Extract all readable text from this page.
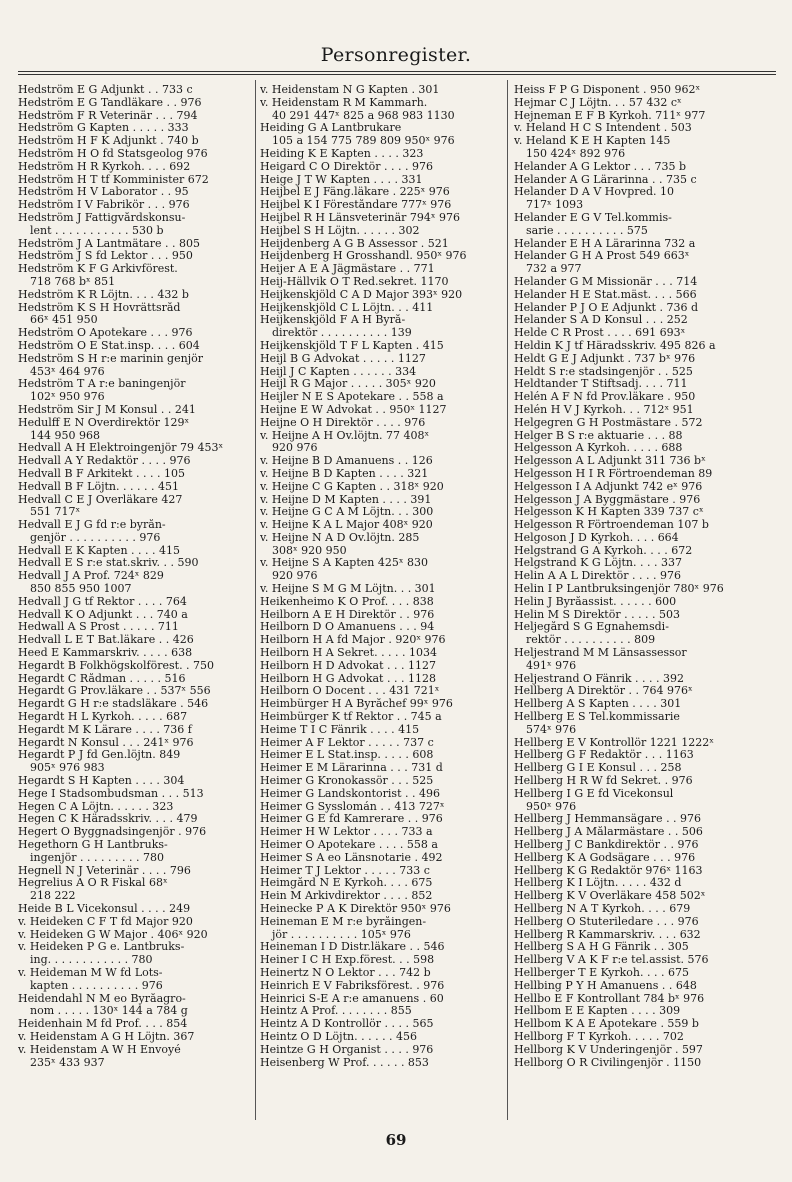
Personregister.
Hedström E G Adjunkt . . 733 c
Hedström E G Tandläkare . . 976
Hedström F R Veterinär . . . 794
Hedström G Kapten . . . . . 333
Hedström H F K Adjunkt . 740 b
Hedström H O fd Statsgeolog 976
Hedström H R Kyrkoh. . . . 692
Hedström H T tf Komminister 672
Hedström H V Laborator . . 95
Hedström I V Fabrikör . . . 976
Hedström J Fattigvårdskonsu-
lent . . . . . . . . . . . 530 b
Hedström J A Lantmätare . . 805
Hedström J S fd Lektor . . . 950
Hedström K F G Arkivförest.
718 768 bˣ 851
Hedström K R Löjtn. . . . 432 b
Hedström K S H Hovrättsråd
66ˣ 451 950
Hedström O Apotekare . . . 976
Hedström O E Stat.insp. . . . 604
Hedström S H r:e marinin genjör
453ˣ 464 976
Hedström T A r:e baningenjör
102ˣ 950 976
Hedström Sir J M Konsul . . 241
Hedulff E N Överdirektör 129ˣ
144 950 968
Hedvall A H Elektroingenjör 79 453ˣ
Hedvall A Y Redaktör . . . . 976
Hedvall B F Arkitekt . . . . 105
Hedvall B F Löjtn. . . . . . 451
Hedvall C E J Överläkare 427
551 717ˣ
Hedvall E J G fd r:e byrån-
genjör . . . . . . . . . . 976
Hedvall E K Kapten . . . . 415
Hedvall E S r:e stat.skriv. . . 590
Hedvall J A Prof. 724ˣ 829
850 855 950 1007
Hedvall J G tf Rektor . . . . 764
Hedvall K O Adjunkt . . . 740 a
Hedwall A S Prost . . . . . 711
Hedvall L E T Bat.läkare . . 426
Heed E Kammarskriv. . . . . 638
Hegardt B Folkhögskolförest. . 750
Hegardt C Rådman . . . . . 516
Hegardt G Prov.läkare . . 537ˣ 556
Hegardt G H r:e stadsläkare . 546
Hegardt H L Kyrkoh. . . . . 687
Hegardt M K Lärare . . . . 736 f
Hegardt N Konsul . . . 241ˣ 976
Hegardt P J fd Gen.löjtn. 849
905ˣ 976 983
Hegardt S H Kapten . . . . 304
Hege I Stadsombudsman . . . 513
Hegen C A Löjtn. . . . . . 323
Hegen C K Häradsskriv. . . . 479
Hegert O Byggnadsingenjör . 976
Hegethorn G H Lantbruks-
ingenjör . . . . . . . . . 780
Hegnell N J Veterinär . . . . 796
Hegrelius A O R Fiskal 68ˣ
218 222
Heide B L Vicekonsul . . . . 249
v. Heideken C F T fd Major 920
v. Heideken G W Major . 406ˣ 920
v. Heideken P G e. Lantbruks-
ing. . . . . . . . . . . . 780
v. Heideman M W fd Lots-
kapten . . . . . . . . . . 976
Heidendahl N M eo Byråagro-
nom . . . . . 130ˣ 144 a 784 g
Heidenhain M fd Prof. . . . 854
v. Heidenstam A G H Löjtn. 367
v. Heidenstam A W H Envoyé
235ˣ 433 937
v. Heidenstam N G Kapten . 301
v. Heidenstam R M Kammarh.
40 291 447ˣ 825 a 968 983 1130
Heiding G A Lantbrukare
105 a 154 775 789 809 950ˣ 976
Heiding K E Kapten . . . . 323
Heigard C O Direktör . . . . 976
Heige J T W Kapten . . . . 331
Heijbel E J Fäng.läkare . 225ˣ 976
Heijbel K I Föreståndare 777ˣ 976
Heijbel R H Länsveterinär 794ˣ 976
Heijbel S H Löjtn. . . . . . 302
Heijdenberg A G B Assessor . 521
Heijdenberg H Grosshandl. 950ˣ 976
Heijer A E A Jägmästare . . 771
Heij-Hällvik O T Red.sekret. 1170
Heijkenskjöld C A D Major 393ˣ 920
Heijkenskjöld C L Löjtn. . . 411
Heijkenskjöld F A H Byrå-
direktör . . . . . . . . . . 139
Heijkenskjöld T F L Kapten . 415
Heijl B G Advokat . . . . . 1127
Heijl J C Kapten . . . . . . 334
Heijl R G Major . . . . . 305ˣ 920
Heijler N E S Apotekare . . 558 a
Heijne E W Advokat . . 950ˣ 1127
Heijne O H Direktör . . . . 976
v. Heijne A H Öv.löjtn. 77 408ˣ
920 976
v. Heijne B D Amanuens . . 126
v. Heijne B D Kapten . . . . 321
v. Heijne C G Kapten . . 318ˣ 920
v. Heijne D M Kapten . . . . 391
v. Heijne G C A M Löjtn. . . 300
v. Heijne K A L Major 408ˣ 920
v. Heijne N A D Öv.löjtn. 285
308ˣ 920 950
v. Heijne S A Kapten 425ˣ 830
920 976
v. Heijne S M G M Löjtn. . . 301
Heikenheimo K O Prof. . . . 838
Heilborn A E H Direktör . . 976
Heilborn D O Amanuens . . . 94
Heilborn H A fd Major . 920ˣ 976
Heilborn H A Sekret. . . . . 1034
Heilborn H D Advokat . . . 1127
Heilborn H G Advokat . . . 1128
Heilborn O Docent . . . 431 721ˣ
Heimbürger H A Byråchef 99ˣ 976
Heimbürger K tf Rektor . . 745 a
Heime T I C Fänrik . . . . 415
Heimer A F Lektor . . . . . 737 c
Heimer E L Stat.insp. . . . . 608
Heimer E M Lärarinna . . . 731 d
Heimer G Kronokassör . . . 525
Heimer G Landskontorist . . 496
Heimer G Sysslomán . . 413 727ˣ
Heimer G E fd Kamrerare . . 976
Heimer H W Lektor . . . . 733 a
Heimer O Apotekare . . . . 558 a
Heimer S A eo Länsnotarie . 492
Heimer T J Lektor . . . . . 733 c
Heimgård N E Kyrkoh. . . . 675
Hein M Arkivdirektor . . . . 852
Heinecke P A K Direktör 950ˣ 976
Heineman E M r:e byråingen-
jör . . . . . . . . . . 105ˣ 976
Heineman I D Distr.läkare . . 546
Heiner I C H Exp.förest. . . 598
Heinertz N O Lektor . . . 742 b
Heinrich E V Fabriksförest. . 976
Heinrici S-E A r:e amanuens . 60
Heintz A Prof. . . . . . . . 855
Heintz A D Kontrollör . . . . 565
Heintz O D Löjtn. . . . . . 456
Heintze G H Organist . . . . 976
Heisenberg W Prof. . . . . . 853
Heiss F P G Disponent . 950 962ˣ
Hejmar C J Löjtn. . . 57 432 cˣ
Hejneman E F B Kyrkoh. 711ˣ 977
v. Heland H C S Intendent . 503
v. Heland K E H Kapten 145
150 424ˣ 892 976
Helander A G Lektor . . . 735 b
Helander A G Lärarinna . . 735 c
Helander D A V Hovpred. 10
717ˣ 1093
Helander E G V Tel.kommis-
sarie . . . . . . . . . . 575
Helander E H A Lärarinna 732 a
Helander G H A Prost 549 663ˣ
732 a 977
Helander G M Missionär . . . 714
Helander H E Stat.mäst. . . . 566
Helander P J O E Adjunkt . 736 d
Helander S A D Konsul . . . 252
Helde C R Prost . . . . 691 693ˣ
Heldin K J tf Häradsskriv. 495 826 a
Heldt G E J Adjunkt . 737 bˣ 976
Heldt S r:e stadsingenjör . . 525
Heldtander T Stiftsadj. . . . 711
Helén A F N fd Prov.läkare . 950
Helén H V J Kyrkoh. . . 712ˣ 951
Helgegren G H Postmästare . 572
Helger B S r:e aktuarie . . . 88
Helgesson A Kyrkoh. . . . . 688
Helgesson A L Adjunkt 311 736 bˣ
Helgesson H I R Förtroendeman 89
Helgesson I A Adjunkt 742 eˣ 976
Helgesson J A Byggmästare . 976
Helgesson K H Kapten 339 737 cˣ
Helgesson R Förtroendeman 107 b
Helgoson J D Kyrkoh. . . . 664
Helgstrand G A Kyrkoh. . . . 672
Helgstrand K G Löjtn. . . . 337
Helin A A L Direktör . . . . 976
Helin I P Lantbruksingenjör 780ˣ 976
Helin J Byråassist. . . . . . 600
Helin M S Direktör . . . . . 503
Heljegård S G Egnahemsdi-
rektör . . . . . . . . . . 809
Heljestrand M M Länsassessor
491ˣ 976
Heljestrand O Fänrik . . . . 392
Hellberg A Direktör . . 764 976ˣ
Hellberg A S Kapten . . . . 301
Hellberg E S Tel.kommissarie
574ˣ 976
Hellberg E V Kontrollör 1221 1222ˣ
Hellberg G F Redaktör . . . 1163
Hellberg G I E Konsul . . . 258
Hellberg H R W fd Sekret. . 976
Hellberg I G E fd Vicekonsul
950ˣ 976
Hellberg J Hemmansägare . . 976
Hellberg J A Målarmästare . . 506
Hellberg J C Bankdirektör . . 976
Hellberg K A Godsägare . . . 976
Hellberg K G Redaktör 976ˣ 1163
Hellberg K I Löjtn. . . . . 432 d
Hellberg K V Överläkare 458 502ˣ
Hellberg N A T Kyrkoh. . . . 679
Hellberg O Stuteriledare . . . 976
Hellberg R Kammarskriv. . . . 632
Hellberg S A H G Fänrik . . 305
Hellberg V A K F r:e tel.assist. 576
Hellberger T E Kyrkoh. . . . 675
Hellbing P Y H Amanuens . . 648
Hellbo E F Kontrollant 784 bˣ 976
Hellbom E E Kapten . . . . 309
Hellbom K A E Apotekare . 559 b
Hellborg F T Kyrkoh. . . . . 702
Hellborg K V Underingenjör . 597
Hellborg O R Civilingenjör . 1150
69
